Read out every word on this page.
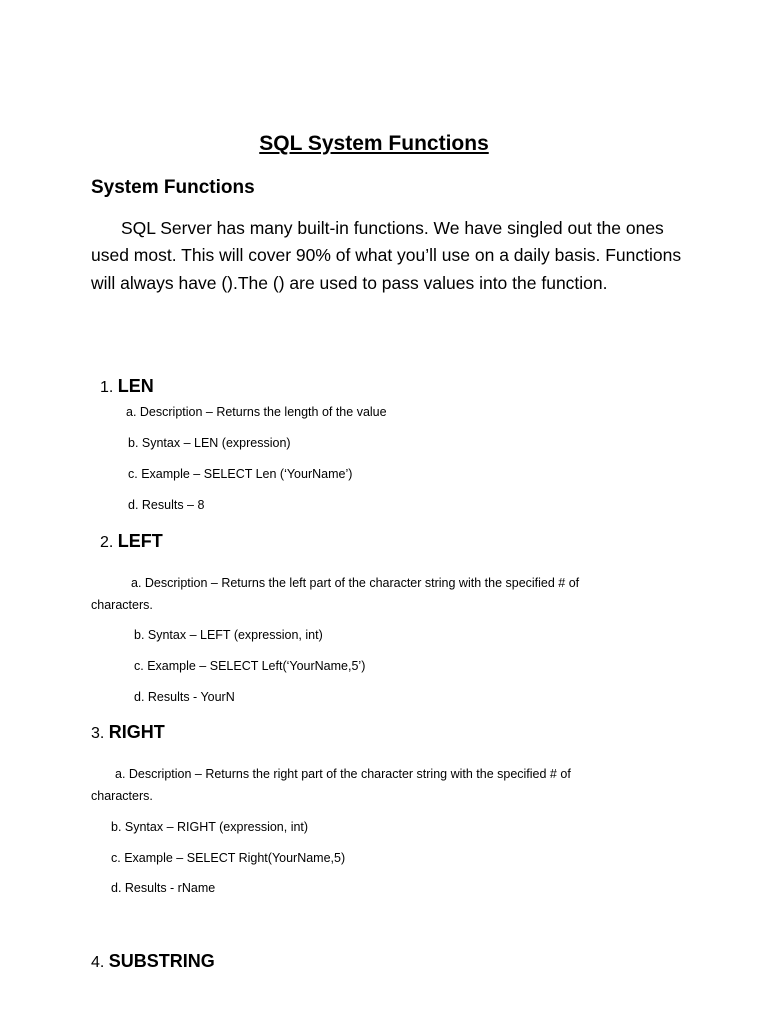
SQL System Functions
System Functions
SQL Server has many built-in functions. We have singled out the ones used most. This will cover 90% of what you’ll use on a daily basis. Functions will always have ().The () are used to pass values into the function.
1. LEN
a. Description – Returns the length of the value
b. Syntax – LEN (expression)
c. Example – SELECT Len (‘YourName’)
d. Results – 8
2. LEFT
a. Description – Returns the left part of the character string with the specified # of
characters.
b. Syntax – LEFT (expression, int)
c. Example – SELECT Left(‘YourName,5’)
d. Results - YourN
3. RIGHT
a. Description – Returns the right part of the character string with the specified # of
characters.
b. Syntax – RIGHT (expression, int)
c. Example – SELECT Right(YourName,5)
d. Results - rName
4. SUBSTRING
